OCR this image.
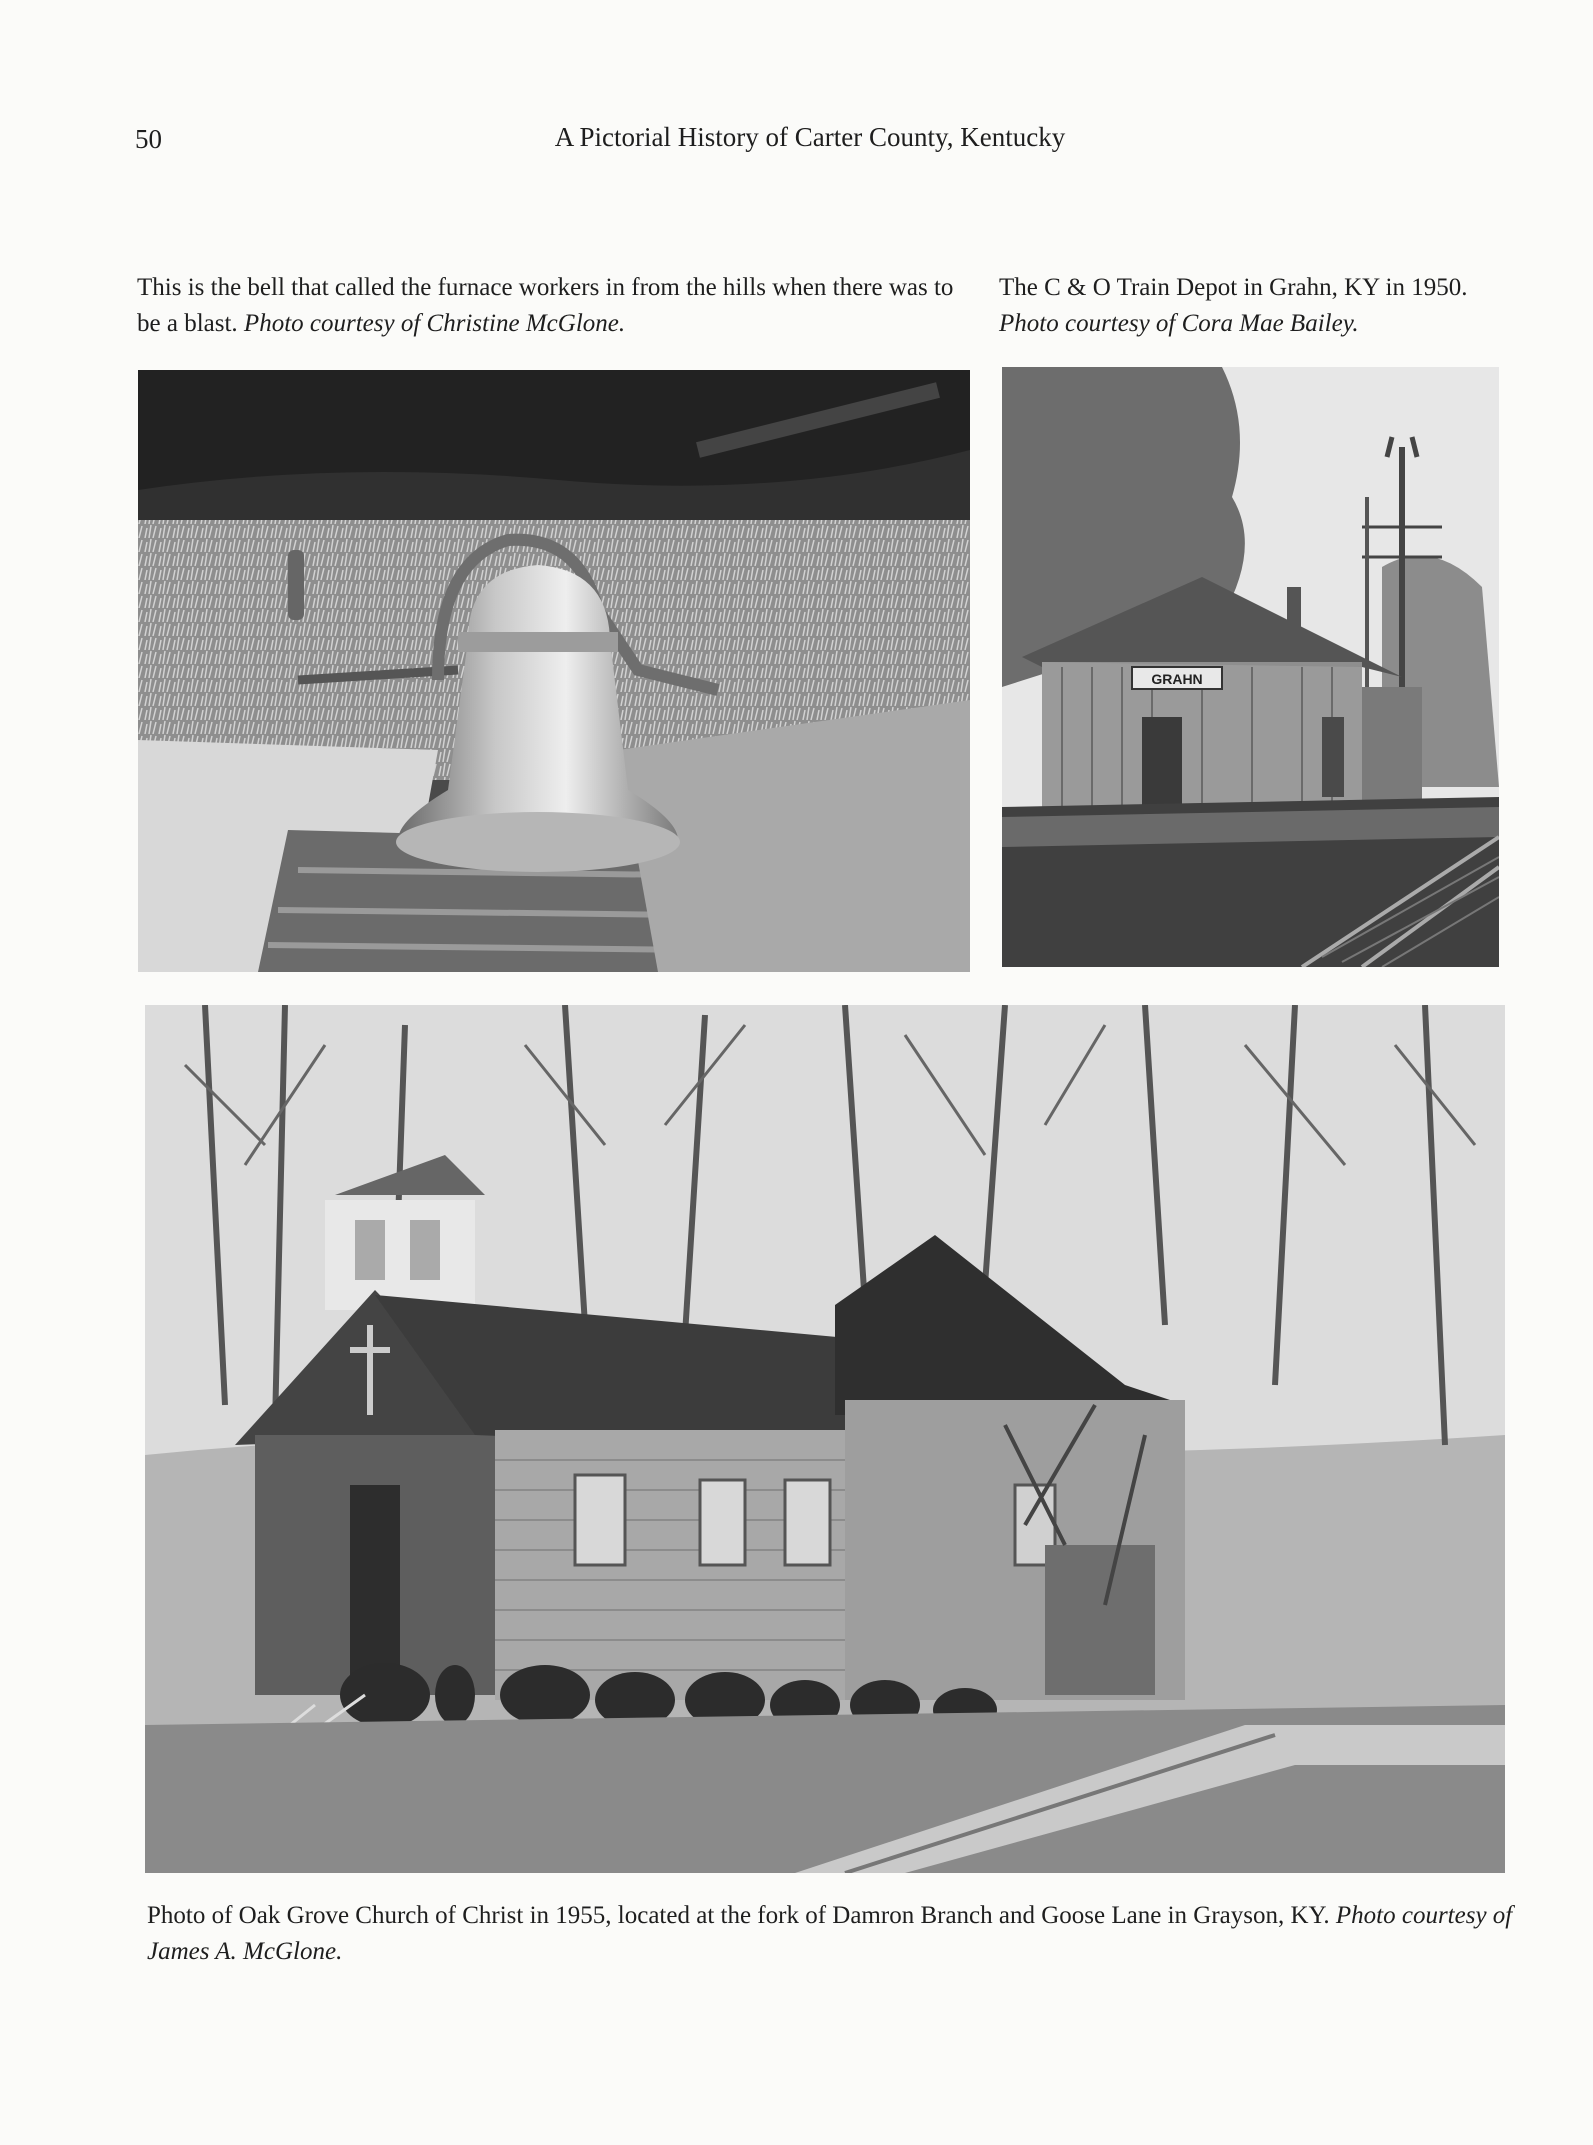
50	A Pictorial History of Carter County, Kentucky
This is the bell that called the furnace workers in from the hills when there was to be a blast. Photo courtesy of Christine McGlone.
The C & O Train Depot in Grahn, KY in 1950.
Photo courtesy of Cora Mae Bailey.
GRAHN
Photo of Oak Grove Church of Christ in 1955, located at the fork of Damron Branch and Goose Lane in Grayson, KY. Photo courtesy of James A. McGlone.
